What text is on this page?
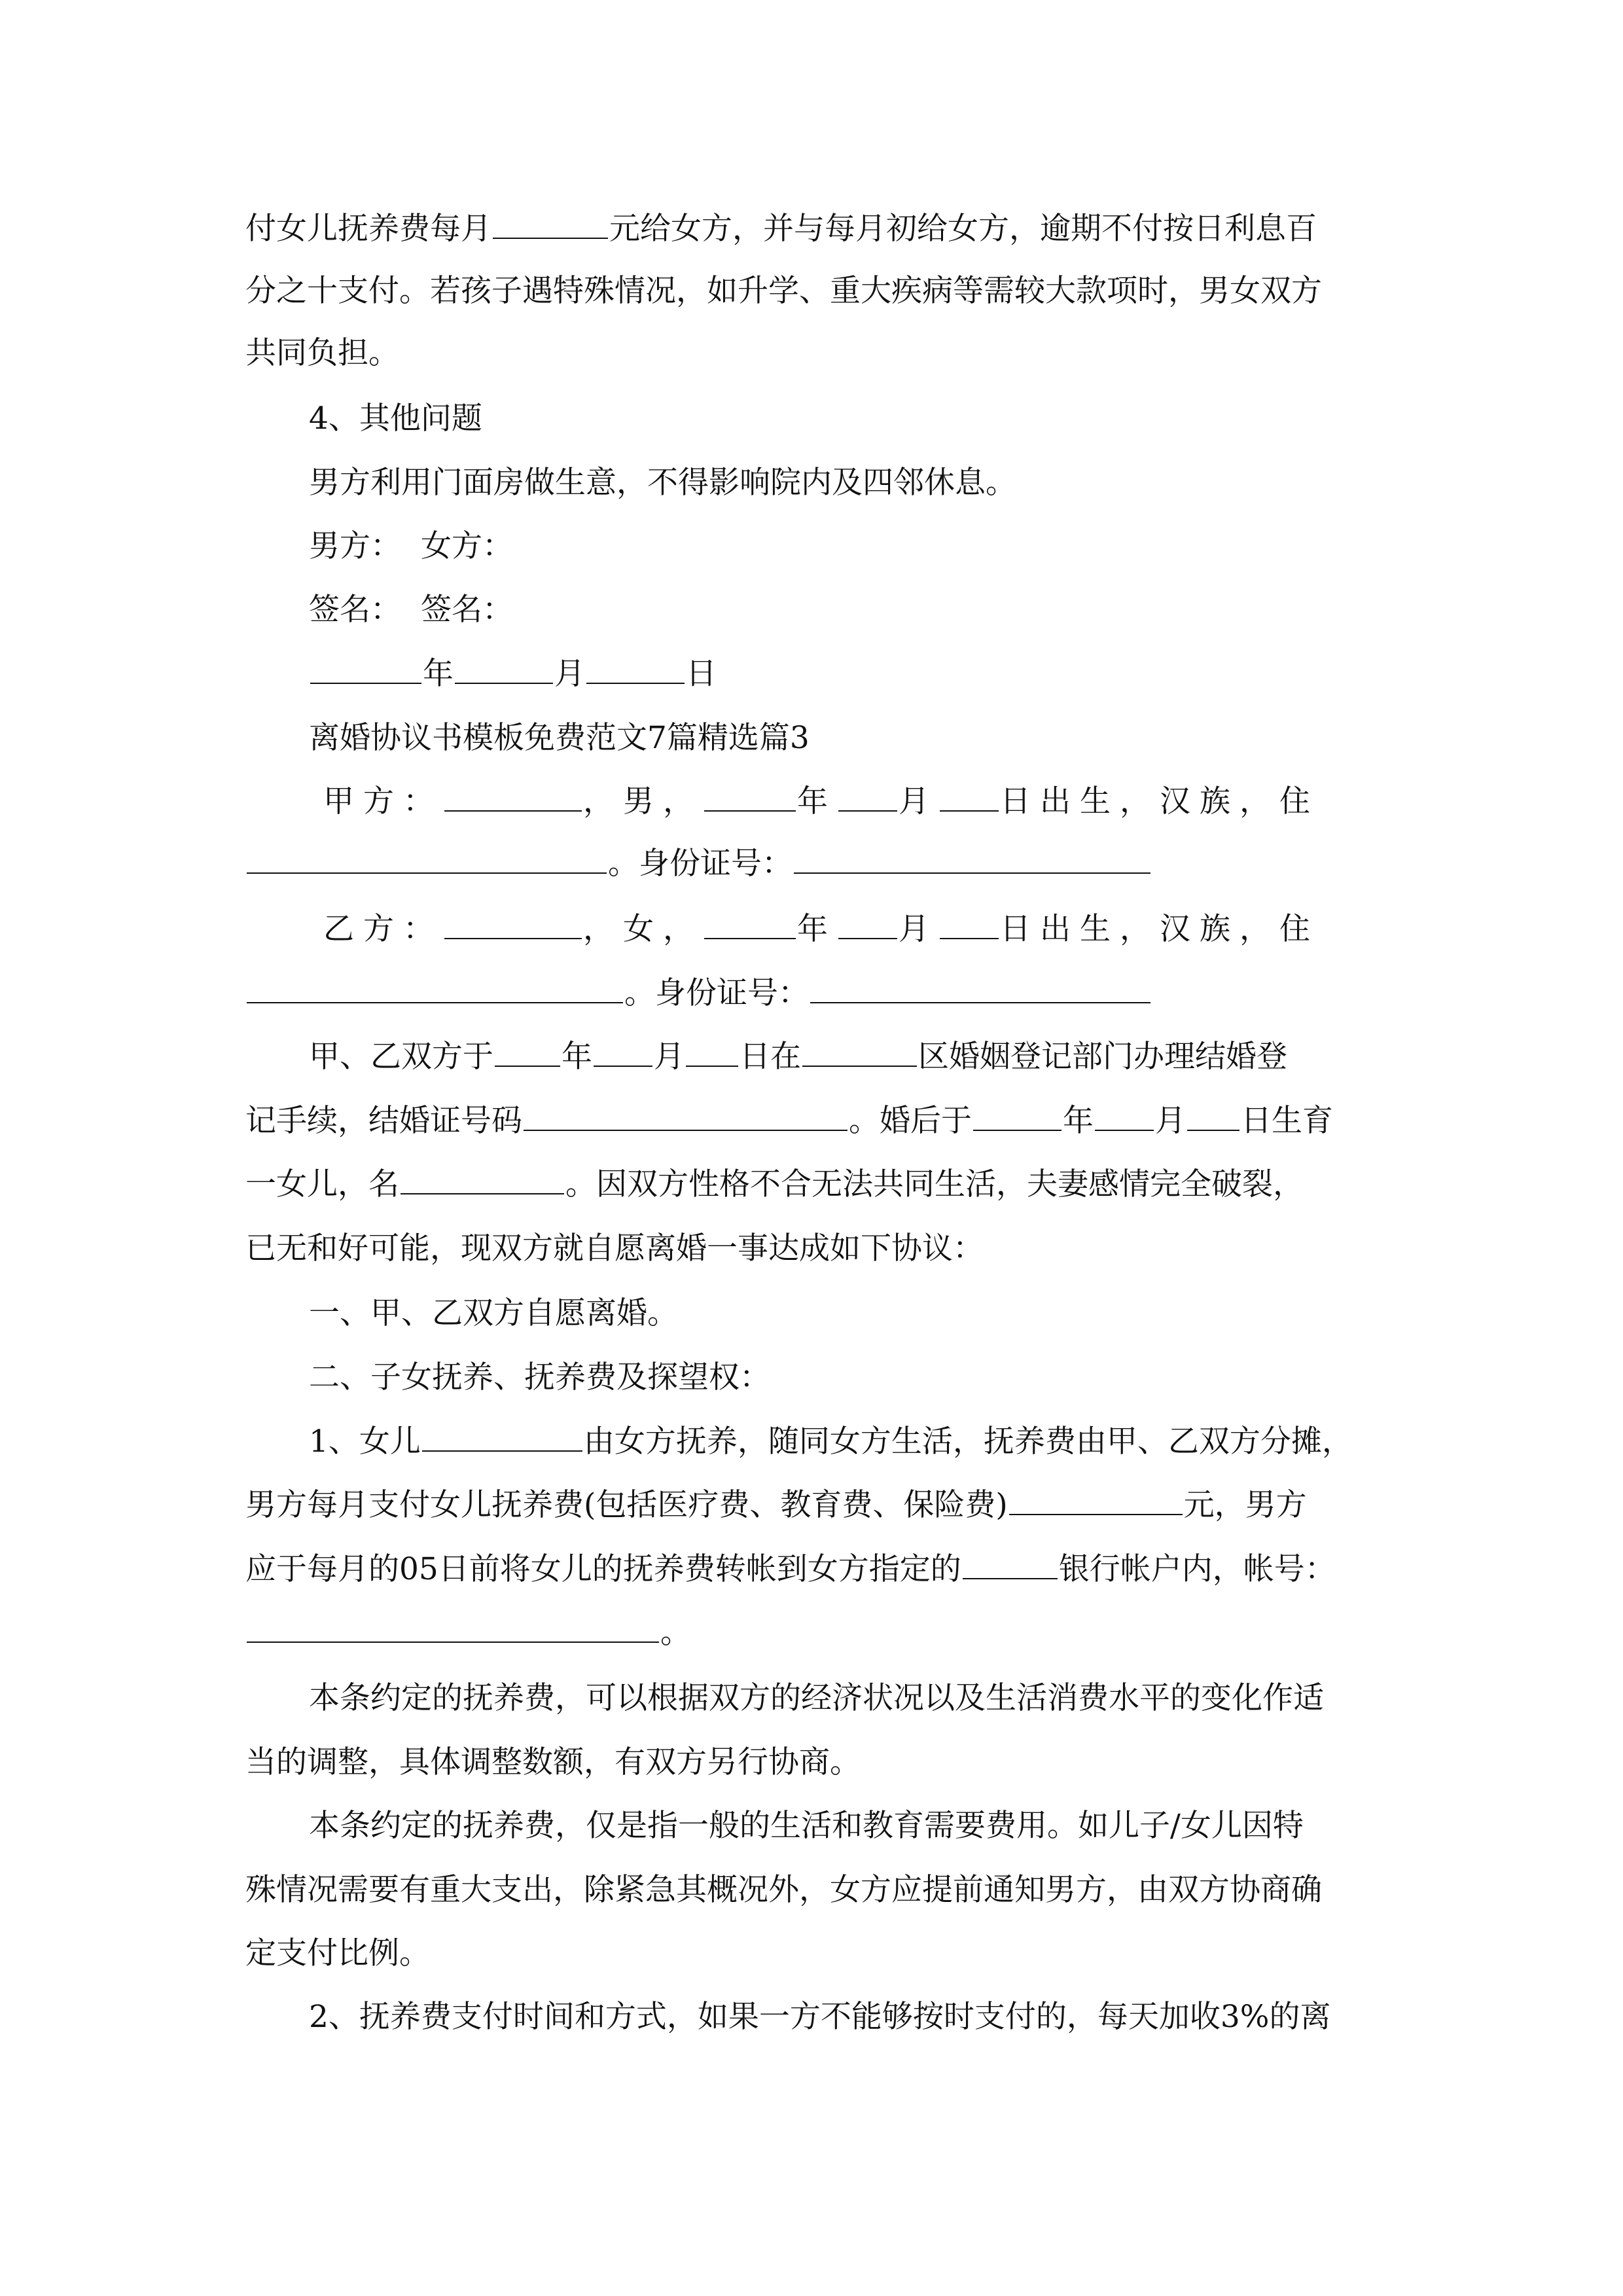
付女儿抚养费每月	元给女方，并与每月初给女方，逾期不付按日利息百
分之十支付。若孩子遇特殊情况，如升学、重大疾病等需较大款项时，男女双方
共同负担。
4、其他问题
男方利用门面房做生意，不得影响院内及四邻休息。
男方： 女方：
签名： 签名：
年	月	日
离婚协议书模板免费范文7篇精选篇3
甲方：	，男，	年 月 日出生，汉族，住
。身份证号：
乙方：	，女，	年 月 日出生，汉族，住
。身份证号：
甲、乙双方于 年 月 日在	区婚姻登记部门办理结婚登
记手续，结婚证号码	。婚后于	年 月 日生育
一女儿，名	。因双方性格不合无法共同生活，夫妻感情完全破裂，
已无和好可能，现双方就自愿离婚一事达成如下协议：
一、甲、乙双方自愿离婚。
二、子女抚养、抚养费及探望权：
1、女儿	由女方抚养，随同女方生活，抚养费由甲、乙双方分摊，
男方每月支付女儿抚养费(包括医疗费、教育费、保险费)	元，男方
应于每月的05日前将女儿的抚养费转帐到女方指定的	银行帐户内，帐号：
。
本条约定的抚养费，可以根据双方的经济状况以及生活消费水平的变化作适
当的调整，具体调整数额，有双方另行协商。
本条约定的抚养费，仅是指一般的生活和教育需要费用。如儿子/女儿因特
殊情况需要有重大支出，除紧急其概况外，女方应提前通知男方，由双方协商确
定支付比例。
2、抚养费支付时间和方式，如果一方不能够按时支付的，每天加收3%的离
